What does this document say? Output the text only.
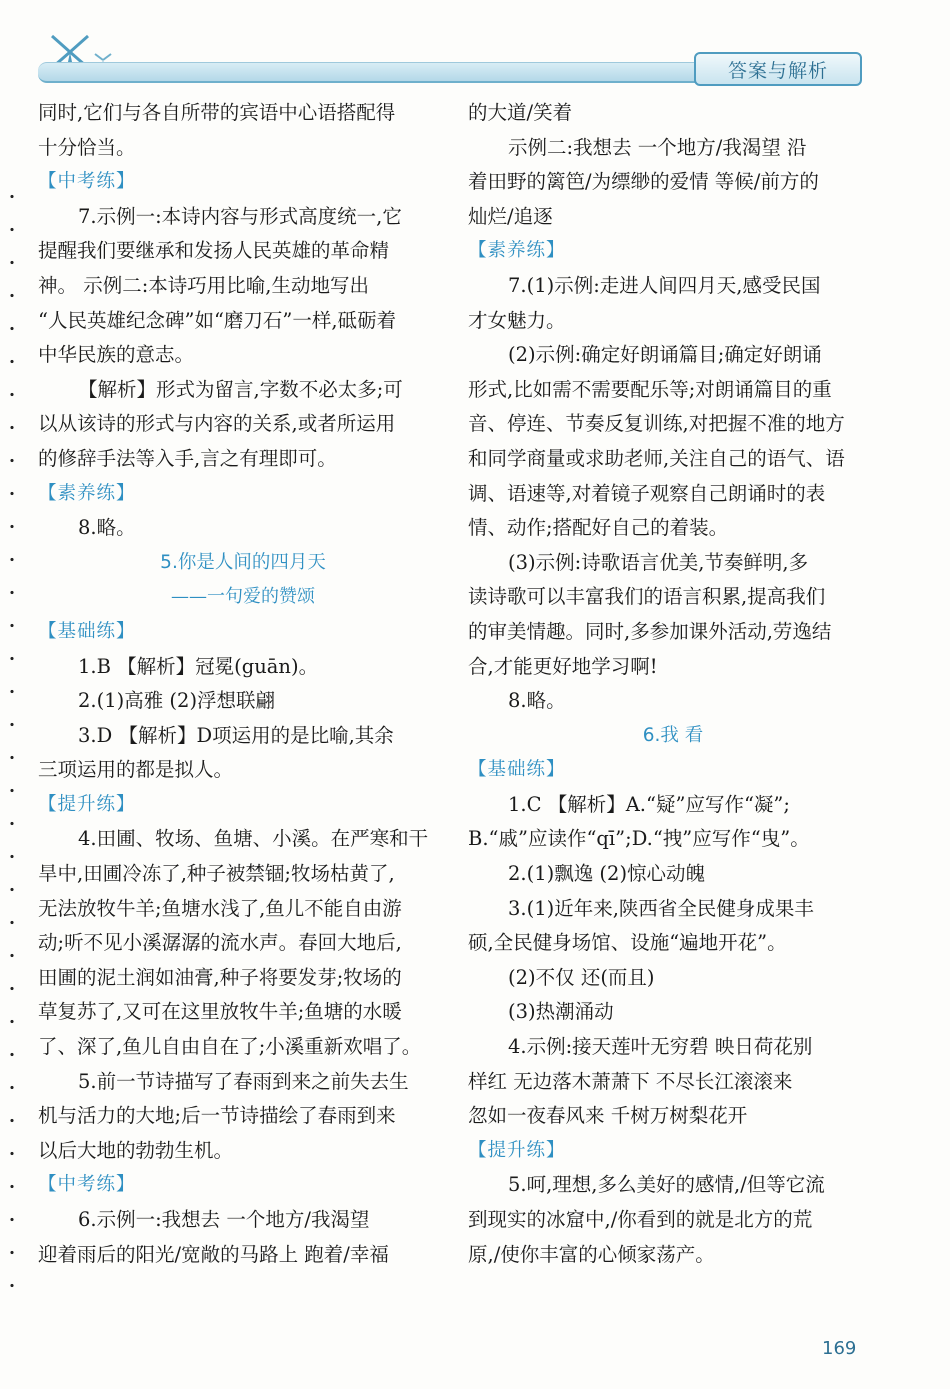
答案与解析
同时,它们与各自所带的宾语中心语搭配得
十分恰当。
【中考练】
7.示例一:本诗内容与形式高度统一,它
提醒我们要继承和发扬人民英雄的革命精
神。 示例二:本诗巧用比喻,生动地写出
“人民英雄纪念碑”如“磨刀石”一样,砥砺着
中华民族的意志。
【解析】形式为留言,字数不必太多;可
以从该诗的形式与内容的关系,或者所运用
的修辞手法等入手,言之有理即可。
【素养练】
8.略。
5.你是人间的四月天
——一句爱的赞颂
【基础练】
1.B 【解析】冠冕(guān)。
2.(1)高雅 (2)浮想联翩
3.D 【解析】D项运用的是比喻,其余
三项运用的都是拟人。
【提升练】
4.田圃、牧场、鱼塘、小溪。在严寒和干
旱中,田圃冷冻了,种子被禁锢;牧场枯黄了,
无法放牧牛羊;鱼塘水浅了,鱼儿不能自由游
动;听不见小溪潺潺的流水声。春回大地后,
田圃的泥土润如油膏,种子将要发芽;牧场的
草复苏了,又可在这里放牧牛羊;鱼塘的水暖
了、深了,鱼儿自由自在了;小溪重新欢唱了。
5.前一节诗描写了春雨到来之前失去生
机与活力的大地;后一节诗描绘了春雨到来
以后大地的勃勃生机。
【中考练】
6.示例一:我想去 一个地方/我渴望
迎着雨后的阳光/宽敞的马路上 跑着/幸福
的大道/笑着
示例二:我想去 一个地方/我渴望 沿
着田野的篱笆/为缥缈的爱情 等候/前方的
灿烂/追逐
【素养练】
7.(1)示例:走进人间四月天,感受民国
才女魅力。
(2)示例:确定好朗诵篇目;确定好朗诵
形式,比如需不需要配乐等;对朗诵篇目的重
音、停连、节奏反复训练,对把握不准的地方
和同学商量或求助老师,关注自己的语气、语
调、语速等,对着镜子观察自己朗诵时的表
情、动作;搭配好自己的着装。
(3)示例:诗歌语言优美,节奏鲜明,多
读诗歌可以丰富我们的语言积累,提高我们
的审美情趣。同时,多参加课外活动,劳逸结
合,才能更好地学习啊!
8.略。
6.我 看
【基础练】
1.C 【解析】A.“疑”应写作“凝”;
B.“戚”应读作“qī”;D.“拽”应写作“曳”。
2.(1)飘逸 (2)惊心动魄
3.(1)近年来,陕西省全民健身成果丰
硕,全民健身场馆、设施“遍地开花”。
(2)不仅 还(而且)
(3)热潮涌动
4.示例:接天莲叶无穷碧 映日荷花别
样红 无边落木萧萧下 不尽长江滚滚来
忽如一夜春风来 千树万树梨花开
【提升练】
5.呵,理想,多么美好的感情,/但等它流
到现实的冰窟中,/你看到的就是北方的荒
原,/使你丰富的心倾家荡产。
169
